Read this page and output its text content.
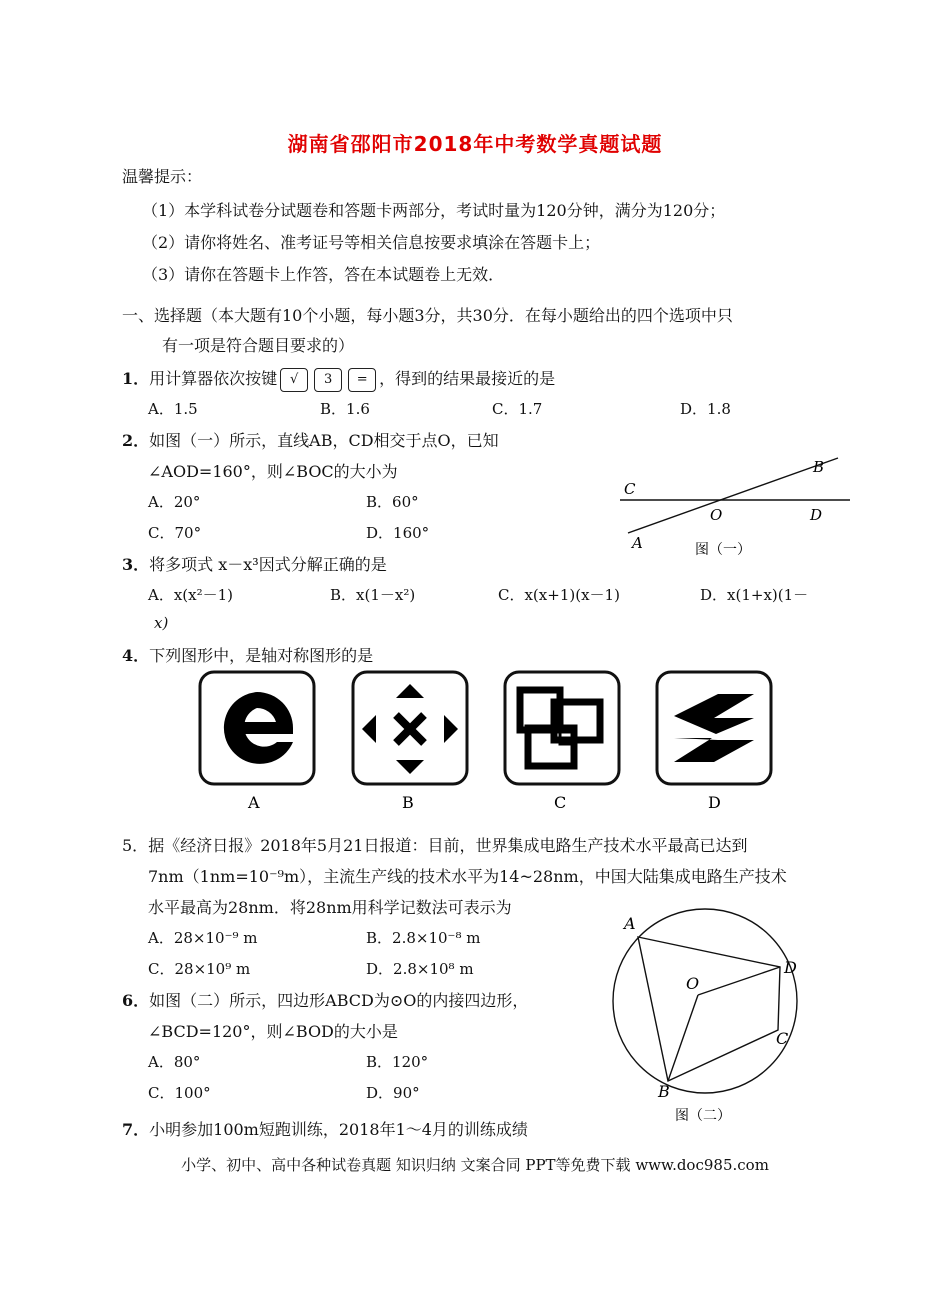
湖南省邵阳市2018年中考数学真题试题
温馨提示：
（1）本学科试卷分试题卷和答题卡两部分，考试时量为120分钟，满分为120分；
（2）请你将姓名、准考证号等相关信息按要求填涂在答题卡上；
（3）请你在答题卡上作答，答在本试题卷上无效．
一、选择题（本大题有10个小题，每小题3分，共30分．在每小题给出的四个选项中只
有一项是符合题目要求的）
1．用计算器依次按键 √ 3 = ，得到的结果最接近的是
A．1.5	B．1.6	C．1.7	D．1.8
2．如图（一）所示，直线AB，CD相交于点O，已知
∠AOD=160°，则∠BOC的大小为
A．20°	B．60°
C．70°	D．160°
C
B
O	D
A	图（一）
3．将多项式 x－x³因式分解正确的是
A．x(x²－1)	B．x(1－x²)	C．x(x+1)(x－1)	D．x(1+x)(1－
x)
4．下列图形中，是轴对称图形的是
A	B	C	D
5．据《经济日报》2018年5月21日报道：目前，世界集成电路生产技术水平最高已达到
7nm（1nm=10⁻⁹m），主流生产线的技术水平为14~28nm，中国大陆集成电路生产技术
水平最高为28nm．将28nm用科学记数法可表示为
A．28×10⁻⁹ m	B．2.8×10⁻⁸ m
C．28×10⁹ m	D．2.8×10⁸ m
6．如图（二）所示，四边形ABCD为⊙O的内接四边形，
∠BCD=120°，则∠BOD的大小是
A．80°	B．120°
C．100°	D．90°
A
D
O
C
B
图（二）
7．小明参加100m短跑训练，2018年1～4月的训练成绩
小学、初中、高中各种试卷真题 知识归纳 文案合同 PPT等免费下载 www.doc985.com
